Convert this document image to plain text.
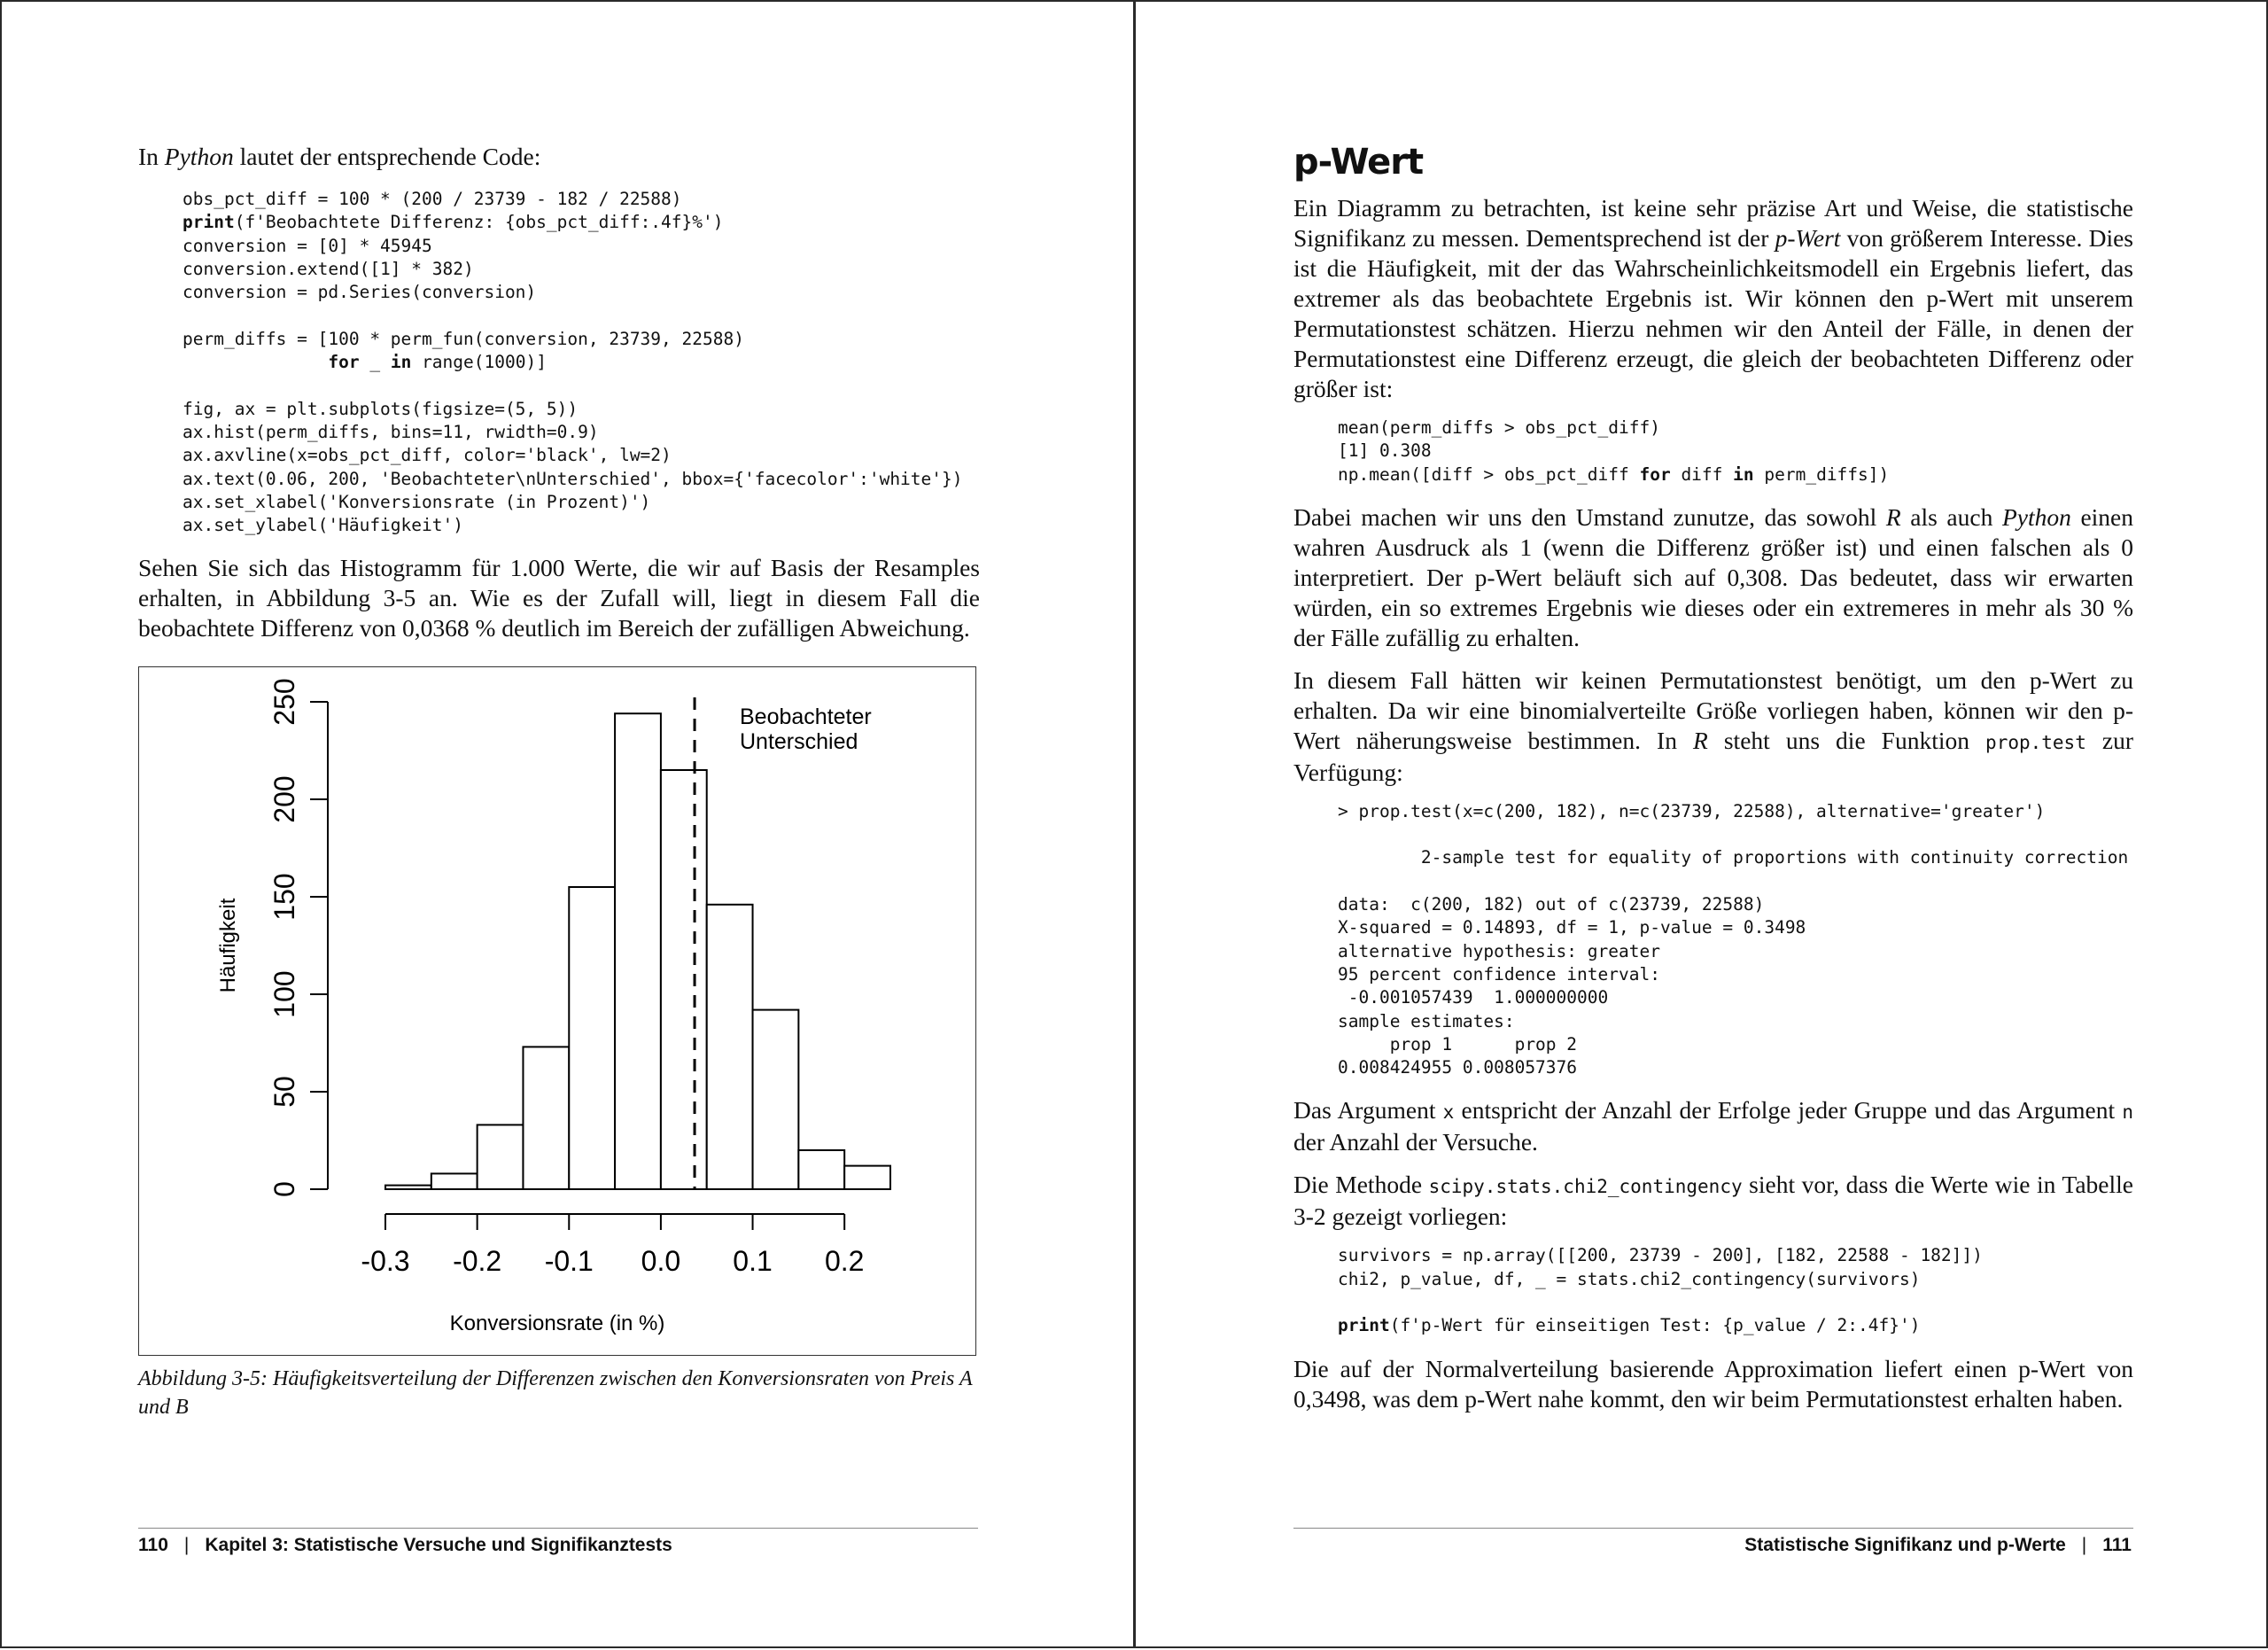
In Python lautet der entsprechende Code:

obs_pct_diff = 100 * (200 / 23739 - 182 / 22588)
print(f'Beobachtete Differenz: {obs_pct_diff:.4f}%')
conversion = [0] * 45945
conversion.extend([1] * 382)
conversion = pd.Series(conversion)

perm_diffs = [100 * perm_fun(conversion, 23739, 22588)
for _ in range(1000)]

fig, ax = plt.subplots(figsize=(5, 5))
ax.hist(perm_diffs, bins=11, rwidth=0.9)
ax.axvline(x=obs_pct_diff, color='black', lw=2)
ax.text(0.06, 200, 'Beobachteter\nUnterschied', bbox={'facecolor':'white'})
ax.set_xlabel('Konversionsrate (in Prozent)')
ax.set_ylabel('Häufigkeit')

Sehen Sie sich das Histogramm für 1.000 Werte, die wir auf Basis der Resamples erhalten, in Abbildung 3-5 an. Wie es der Zufall will, liegt in diesem Fall die beobachtete Differenz von 0,0368 % deutlich im Bereich der zufälligen Abweichung.

0
50
100
150
200
250
-0.3 -0.2 -0.1 0.0 0.1 0.2
Beobachteter
Unterschied
Konversionsrate (in %)
Häufigkeit
Abbildung 3-5: Häufigkeitsverteilung der Differenzen zwischen den Konversionsraten von Preis A und B
110 | Kapitel 3: Statistische Versuche und Signifikanztests
p-Wert

Ein Diagramm zu betrachten, ist keine sehr präzise Art und Weise, die statistische Signifikanz zu messen. Dementsprechend ist der p-Wert von größerem Interesse. Dies ist die Häufigkeit, mit der das Wahrscheinlichkeitsmodell ein Ergebnis liefert, das extremer als das beobachtete Ergebnis ist. Wir können den p-Wert mit unserem Permutationstest schätzen. Hierzu nehmen wir den Anteil der Fälle, in denen der Permutationstest eine Differenz erzeugt, die gleich der beobachteten Differenz oder größer ist:

mean(perm_diffs > obs_pct_diff)
[1] 0.308
np.mean([diff > obs_pct_diff for diff in perm_diffs])

Dabei machen wir uns den Umstand zunutze, das sowohl R als auch Python einen wahren Ausdruck als 1 (wenn die Differenz größer ist) und einen falschen als 0 interpretiert. Der p-Wert beläuft sich auf 0,308. Das bedeutet, dass wir erwarten würden, ein so extremes Ergebnis wie dieses oder ein extremeres in mehr als 30 % der Fälle zufällig zu erhalten.

In diesem Fall hätten wir keinen Permutationstest benötigt, um den p-Wert zu erhalten. Da wir eine binomialverteilte Größe vorliegen haben, können wir den p-Wert näherungsweise bestimmen. In R steht uns die Funktion prop.test zur Verfügung:

> prop.test(x=c(200, 182), n=c(23739, 22588), alternative='greater')

2-sample test for equality of proportions with continuity correction

data:  c(200, 182) out of c(23739, 22588)
X-squared = 0.14893, df = 1, p-value = 0.3498
alternative hypothesis: greater
95 percent confidence interval:
-0.001057439  1.000000000
sample estimates:
prop 1      prop 2
0.008424955 0.008057376

Das Argument x entspricht der Anzahl der Erfolge jeder Gruppe und das Argument n der Anzahl der Versuche.

Die Methode scipy.stats.chi2_contingency sieht vor, dass die Werte wie in Tabelle 3-2 gezeigt vorliegen:

survivors = np.array([[200, 23739 - 200], [182, 22588 - 182]])
chi2, p_value, df, _ = stats.chi2_contingency(survivors)

print(f'p-Wert für einseitigen Test: {p_value / 2:.4f}')

Die auf der Normalverteilung basierende Approximation liefert einen p-Wert von 0,3498, was dem p-Wert nahe kommt, den wir beim Permutationstest erhalten haben.

Statistische Signifikanz und p-Werte | 111
